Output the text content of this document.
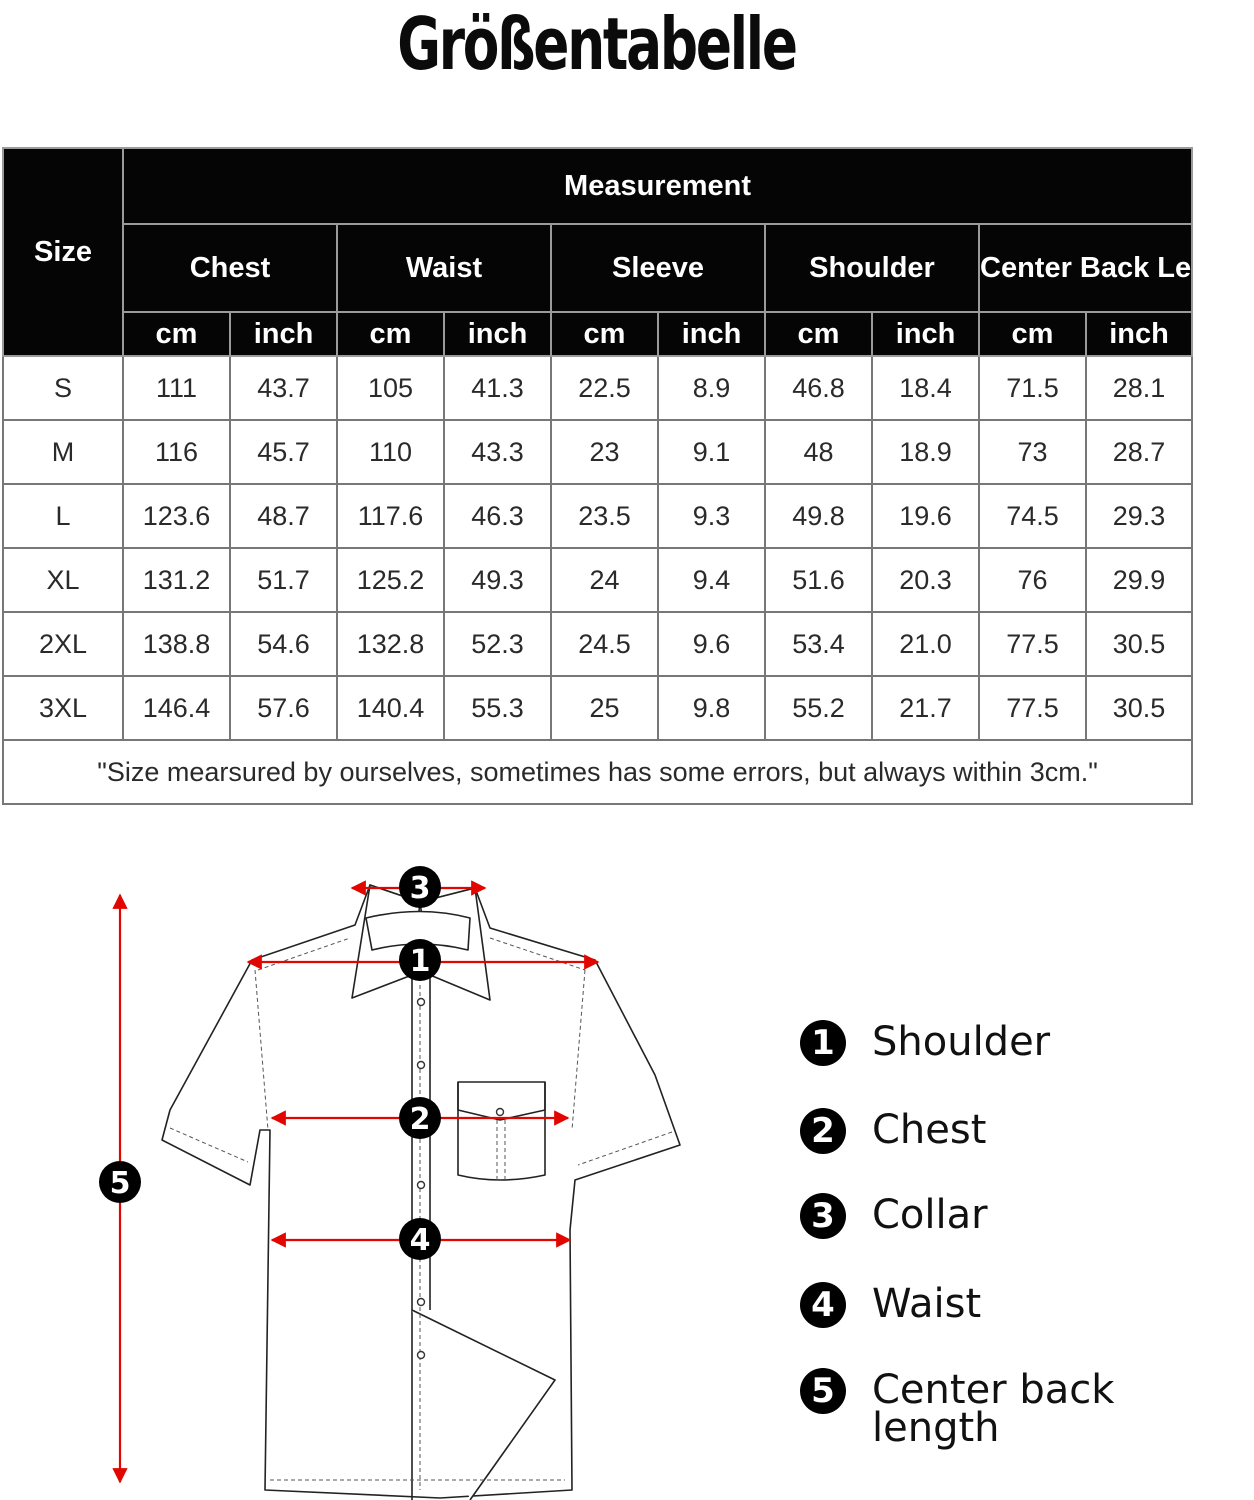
Größentabelle
Size	Measurement									
	Chest		Waist		Sleeve		Shoulder		Center Back Length	
	cm	inch	cm	inch	cm	inch	cm	inch	cm	inch
S	111	43.7	105	41.3	22.5	8.9	46.8	18.4	71.5	28.1
M	116	45.7	110	43.3	23	9.1	48	18.9	73	28.7
L	123.6	48.7	117.6	46.3	23.5	9.3	49.8	19.6	74.5	29.3
XL	131.2	51.7	125.2	49.3	24	9.4	51.6	20.3	76	29.9
2XL	138.8	54.6	132.8	52.3	24.5	9.6	53.4	21.0	77.5	30.5
3XL	146.4	57.6	140.4	55.3	25	9.8	55.2	21.7	77.5	30.5
"Size mearsured by ourselves, sometimes has some errors, but always within 3cm."										
3
1
2
4
5
1 Shoulder
2 Chest
3 Collar
4 Waist
5 Center back length
